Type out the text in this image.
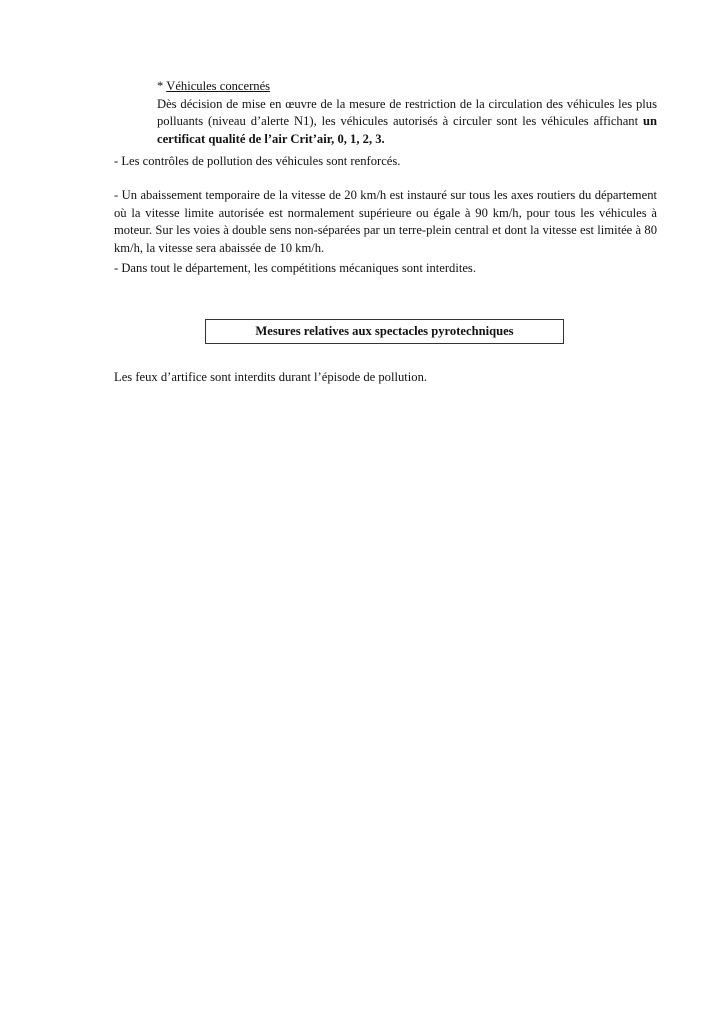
* Véhicules concernés

Dès décision de mise en œuvre de la mesure de restriction de la circulation des véhicules les plus polluants (niveau d’alerte N1), les véhicules autorisés à circuler sont les véhicules affichant un certificat qualité de l’air Crit’air, 0, 1, 2, 3.

- Les contrôles de pollution des véhicules sont renforcés.

- Un abaissement temporaire de la vitesse de 20 km/h est instauré sur tous les axes routiers du département où la vitesse limite autorisée est normalement supérieure ou égale à 90 km/h, pour tous les véhicules à moteur. Sur les voies à double sens non-séparées par un terre-plein central et dont la vitesse est limitée à 80 km/h, la vitesse sera abaissée de 10 km/h.

- Dans tout le département, les compétitions mécaniques sont interdites.

Mesures relatives aux spectacles pyrotechniques

Les feux d’artifice sont interdits durant l’épisode de pollution.
